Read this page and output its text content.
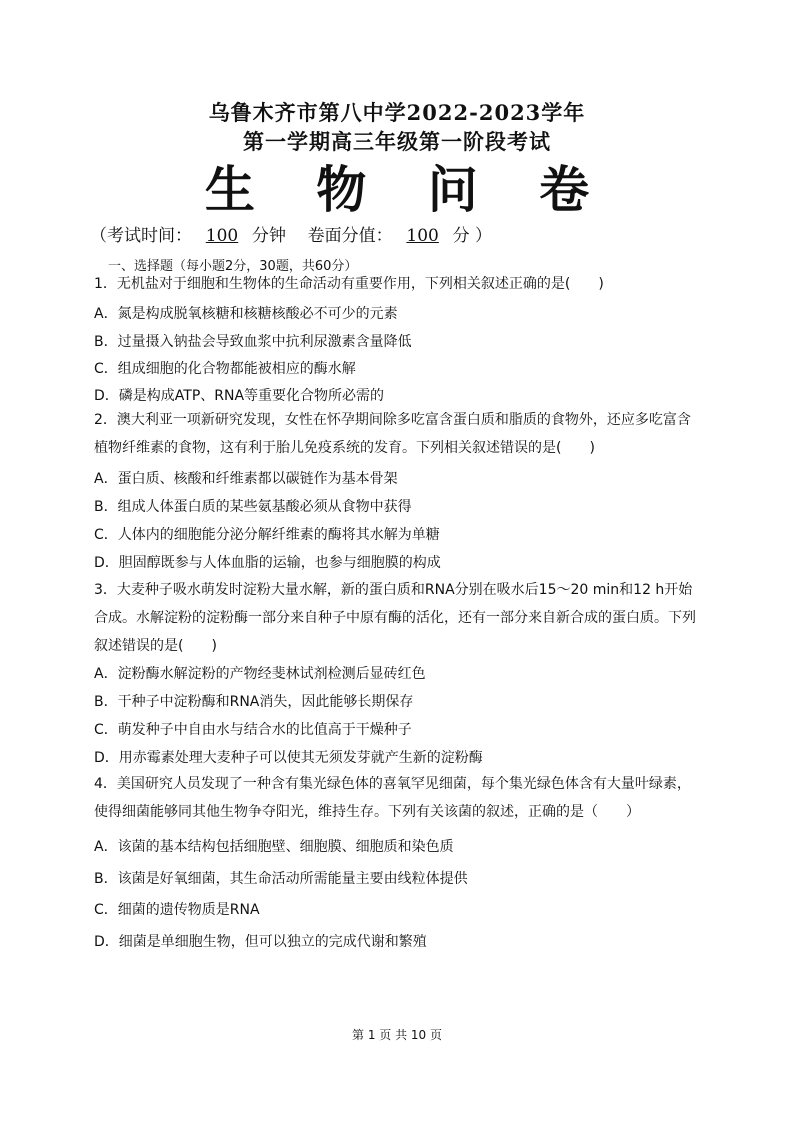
乌鲁木齐市第八中学2022-2023学年
第一学期高三年级第一阶段考试
生 物 问 卷
（考试时间： 100 分钟 卷面分值： 100 分 ）
一、选择题（每小题2分，30题，共60分）
1．无机盐对于细胞和生物体的生命活动有重要作用，下列相关叙述正确的是(　　)
A．氮是构成脱氧核糖和核糖核酸必不可少的元素
B．过量摄入钠盐会导致血浆中抗利尿激素含量降低
C．组成细胞的化合物都能被相应的酶水解
D．磷是构成ATP、RNA等重要化合物所必需的
2．澳大利亚一项新研究发现，女性在怀孕期间除多吃富含蛋白质和脂质的食物外，还应多吃富含植物纤维素的食物，这有利于胎儿免疫系统的发育。下列相关叙述错误的是(　　)
A．蛋白质、核酸和纤维素都以碳链作为基本骨架
B．组成人体蛋白质的某些氨基酸必须从食物中获得
C．人体内的细胞能分泌分解纤维素的酶将其水解为单糖
D．胆固醇既参与人体血脂的运输，也参与细胞膜的构成
3．大麦种子吸水萌发时淀粉大量水解，新的蛋白质和RNA分别在吸水后15～20 min和12 h开始合成。水解淀粉的淀粉酶一部分来自种子中原有酶的活化，还有一部分来自新合成的蛋白质。下列叙述错误的是(　　)
A．淀粉酶水解淀粉的产物经斐林试剂检测后显砖红色
B．干种子中淀粉酶和RNA消失，因此能够长期保存
C．萌发种子中自由水与结合水的比值高于干燥种子
D．用赤霉素处理大麦种子可以使其无须发芽就产生新的淀粉酶
4．美国研究人员发现了一种含有集光绿色体的喜氧罕见细菌，每个集光绿色体含有大量叶绿素，使得细菌能够同其他生物争夺阳光，维持生存。下列有关该菌的叙述，正确的是（　　）
A．该菌的基本结构包括细胞壁、细胞膜、细胞质和染色质
B．该菌是好氧细菌，其生命活动所需能量主要由线粒体提供
C．细菌的遗传物质是RNA
D．细菌是单细胞生物，但可以独立的完成代谢和繁殖
第 1 页 共 10 页
